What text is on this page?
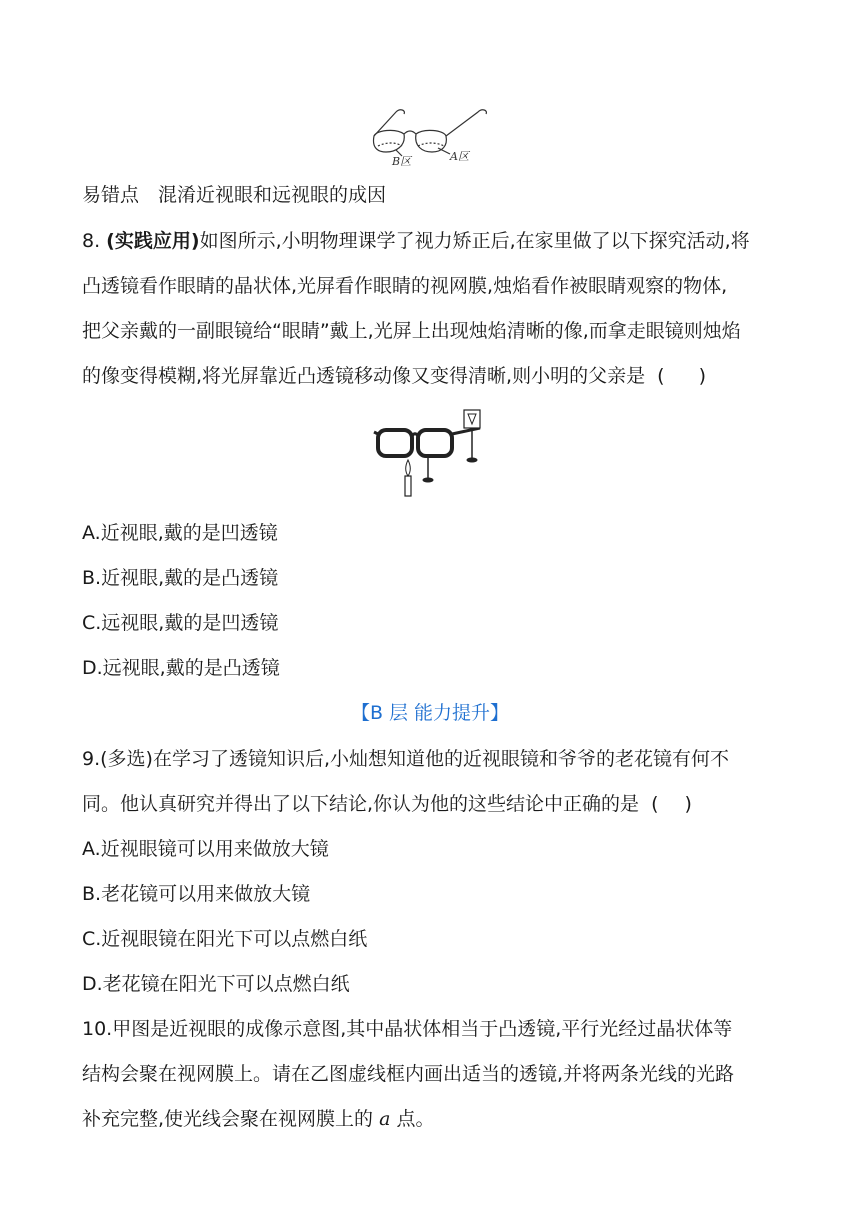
B区	A区
易错点　混淆近视眼和远视眼的成因
8. (实践应用)如图所示,小明物理课学了视力矫正后,在家里做了以下探究活动,将
凸透镜看作眼睛的晶状体,光屏看作眼睛的视网膜,烛焰看作被眼睛观察的物体,
把父亲戴的一副眼镜给“眼睛”戴上,光屏上出现烛焰清晰的像,而拿走眼镜则烛焰
的像变得模糊,将光屏靠近凸透镜移动像又变得清晰,则小明的父亲是 ( )
A.近视眼,戴的是凹透镜
B.近视眼,戴的是凸透镜
C.远视眼,戴的是凹透镜
D.远视眼,戴的是凸透镜
【B 层 能力提升】
9.(多选)在学习了透镜知识后,小灿想知道他的近视眼镜和爷爷的老花镜有何不
同。他认真研究并得出了以下结论,你认为他的这些结论中正确的是 ( )
A.近视眼镜可以用来做放大镜
B.老花镜可以用来做放大镜
C.近视眼镜在阳光下可以点燃白纸
D.老花镜在阳光下可以点燃白纸
10.甲图是近视眼的成像示意图,其中晶状体相当于凸透镜,平行光经过晶状体等
结构会聚在视网膜上。请在乙图虚线框内画出适当的透镜,并将两条光线的光路
补充完整,使光线会聚在视网膜上的 a 点。
